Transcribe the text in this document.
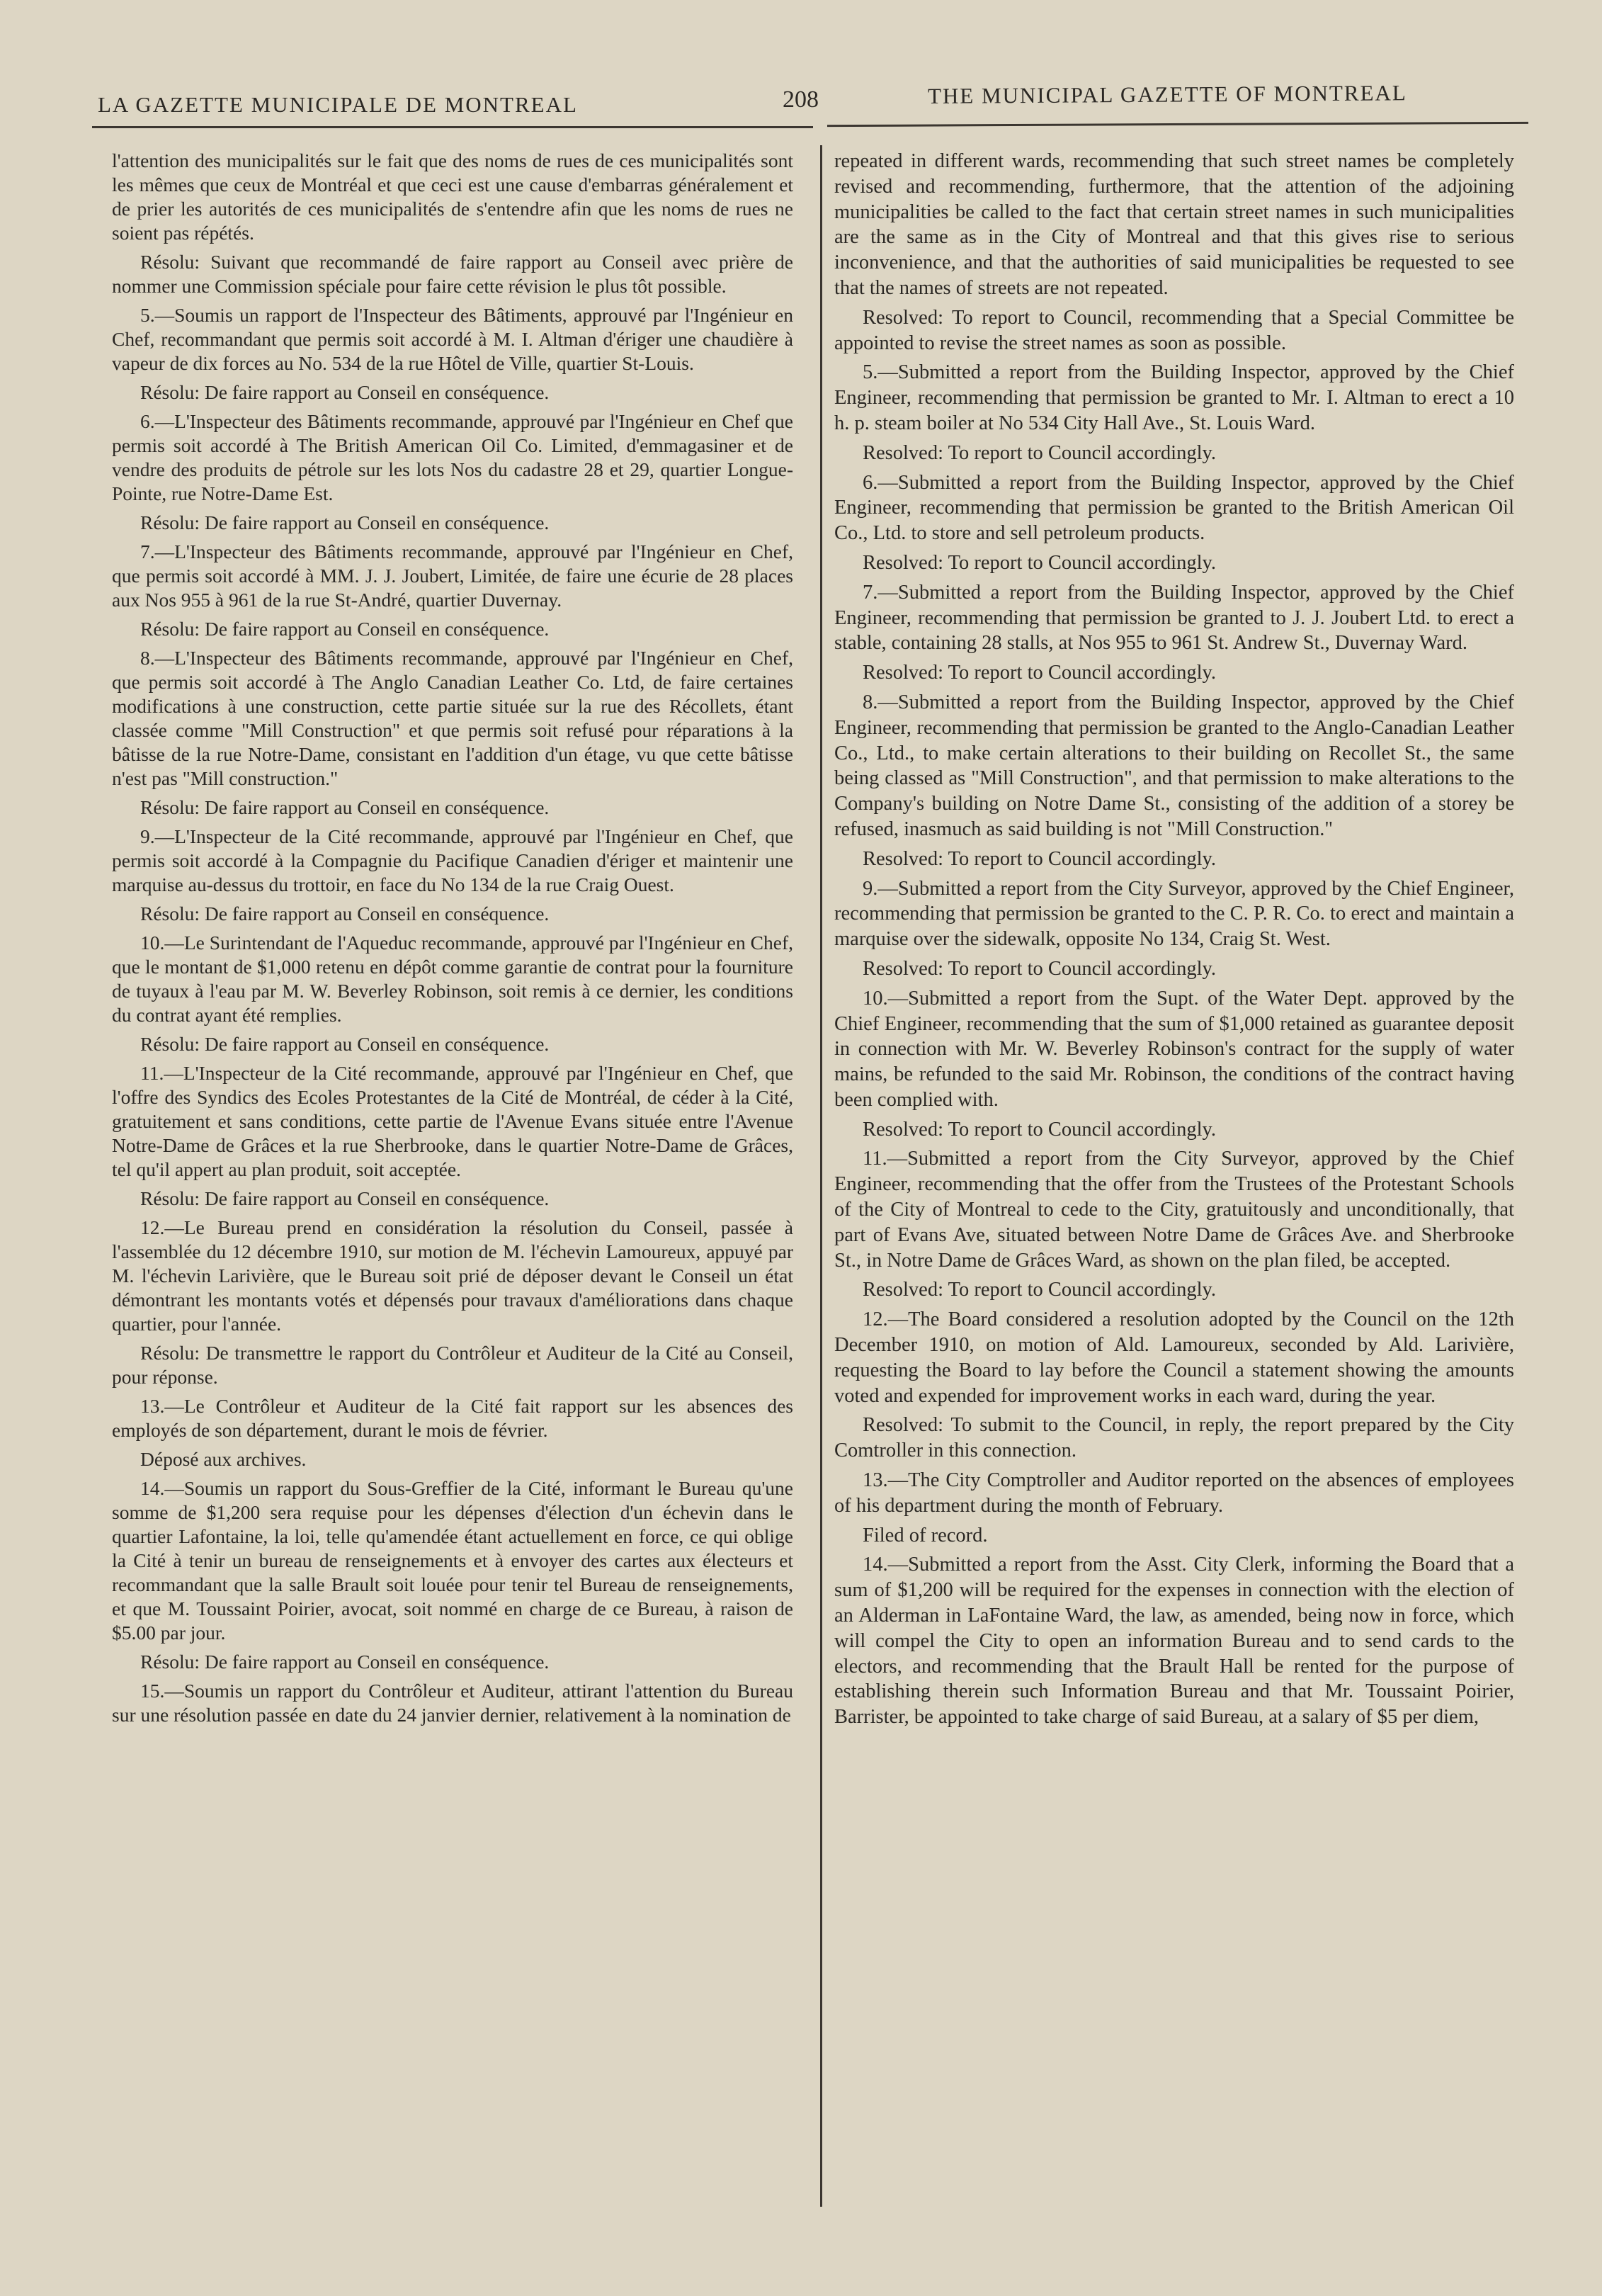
LA GAZETTE MUNICIPALE DE MONTREAL	208	THE MUNICIPAL GAZETTE OF MONTREAL

l'attention des municipalités sur le fait que des noms de rues de ces municipalités sont les mêmes que ceux de Montréal et que ceci est une cause d'embarras généralement et de prier les autorités de ces municipalités de s'entendre afin que les noms de rues ne soient pas répétés.

Résolu: Suivant que recommandé de faire rapport au Conseil avec prière de nommer une Commission spéciale pour faire cette révision le plus tôt possible.

5.—Soumis un rapport de l'Inspecteur des Bâtiments, approuvé par l'Ingénieur en Chef, recommandant que permis soit accordé à M. I. Altman d'ériger une chaudière à vapeur de dix forces au No. 534 de la rue Hôtel de Ville, quartier St-Louis.

Résolu: De faire rapport au Conseil en conséquence.

6.—L'Inspecteur des Bâtiments recommande, approuvé par l'Ingénieur en Chef que permis soit accordé à The British American Oil Co. Limited, d'emmagasiner et de vendre des produits de pétrole sur les lots Nos du cadastre 28 et 29, quartier Longue-Pointe, rue Notre-Dame Est.

Résolu: De faire rapport au Conseil en conséquence.

7.—L'Inspecteur des Bâtiments recommande, approuvé par l'Ingénieur en Chef, que permis soit accordé à MM. J. J. Joubert, Limitée, de faire une écurie de 28 places aux Nos 955 à 961 de la rue St-André, quartier Duvernay.

Résolu: De faire rapport au Conseil en conséquence.

8.—L'Inspecteur des Bâtiments recommande, approuvé par l'Ingénieur en Chef, que permis soit accordé à The Anglo Canadian Leather Co. Ltd, de faire certaines modifications à une construction, cette partie située sur la rue des Récollets, étant classée comme "Mill Construction" et que permis soit refusé pour réparations à la bâtisse de la rue Notre-Dame, consistant en l'addition d'un étage, vu que cette bâtisse n'est pas "Mill construction."

Résolu: De faire rapport au Conseil en conséquence.

9.—L'Inspecteur de la Cité recommande, approuvé par l'Ingénieur en Chef, que permis soit accordé à la Compagnie du Pacifique Canadien d'ériger et maintenir une marquise au-dessus du trottoir, en face du No 134 de la rue Craig Ouest.

Résolu: De faire rapport au Conseil en conséquence.

10.—Le Surintendant de l'Aqueduc recommande, approuvé par l'Ingénieur en Chef, que le montant de $1,000 retenu en dépôt comme garantie de contrat pour la fourniture de tuyaux à l'eau par M. W. Beverley Robinson, soit remis à ce dernier, les conditions du contrat ayant été remplies.

Résolu: De faire rapport au Conseil en conséquence.

11.—L'Inspecteur de la Cité recommande, approuvé par l'Ingénieur en Chef, que l'offre des Syndics des Ecoles Protestantes de la Cité de Montréal, de céder à la Cité, gratuitement et sans conditions, cette partie de l'Avenue Evans située entre l'Avenue Notre-Dame de Grâces et la rue Sherbrooke, dans le quartier Notre-Dame de Grâces, tel qu'il appert au plan produit, soit acceptée.

Résolu: De faire rapport au Conseil en conséquence.

12.—Le Bureau prend en considération la résolution du Conseil, passée à l'assemblée du 12 décembre 1910, sur motion de M. l'échevin Lamoureux, appuyé par M. l'échevin Larivière, que le Bureau soit prié de déposer devant le Conseil un état démontrant les montants votés et dépensés pour travaux d'améliorations dans chaque quartier, pour l'année.

Résolu: De transmettre le rapport du Contrôleur et Auditeur de la Cité au Conseil, pour réponse.

13.—Le Contrôleur et Auditeur de la Cité fait rapport sur les absences des employés de son département, durant le mois de février.

Déposé aux archives.

14.—Soumis un rapport du Sous-Greffier de la Cité, informant le Bureau qu'une somme de $1,200 sera requise pour les dépenses d'élection d'un échevin dans le quartier Lafontaine, la loi, telle qu'amendée étant actuellement en force, ce qui oblige la Cité à tenir un bureau de renseignements et à envoyer des cartes aux électeurs et recommandant que la salle Brault soit louée pour tenir tel Bureau de renseignements, et que M. Toussaint Poirier, avocat, soit nommé en charge de ce Bureau, à raison de $5.00 par jour.

Résolu: De faire rapport au Conseil en conséquence.

15.—Soumis un rapport du Contrôleur et Auditeur, attirant l'attention du Bureau sur une résolution passée en date du 24 janvier dernier, relativement à la nomination de

repeated in different wards, recommending that such street names be completely revised and recommending, furthermore, that the attention of the adjoining municipalities be called to the fact that certain street names in such municipalities are the same as in the City of Montreal and that this gives rise to serious inconvenience, and that the authorities of said municipalities be requested to see that the names of streets are not repeated.

Resolved: To report to Council, recommending that a Special Committee be appointed to revise the street names as soon as possible.

5.—Submitted a report from the Building Inspector, approved by the Chief Engineer, recommending that permission be granted to Mr. I. Altman to erect a 10 h. p. steam boiler at No 534 City Hall Ave., St. Louis Ward.

Resolved: To report to Council accordingly.

6.—Submitted a report from the Building Inspector, approved by the Chief Engineer, recommending that permission be granted to the British American Oil Co., Ltd. to store and sell petroleum products.

Resolved: To report to Council accordingly.

7.—Submitted a report from the Building Inspector, approved by the Chief Engineer, recommending that permission be granted to J. J. Joubert Ltd. to erect a stable, containing 28 stalls, at Nos 955 to 961 St. Andrew St., Duvernay Ward.

Resolved: To report to Council accordingly.

8.—Submitted a report from the Building Inspector, approved by the Chief Engineer, recommending that permission be granted to the Anglo-Canadian Leather Co., Ltd., to make certain alterations to their building on Recollet St., the same being classed as "Mill Construction", and that permission to make alterations to the Company's building on Notre Dame St., consisting of the addition of a storey be refused, inasmuch as said building is not "Mill Construction."

Resolved: To report to Council accordingly.

9.—Submitted a report from the City Surveyor, approved by the Chief Engineer, recommending that permission be granted to the C. P. R. Co. to erect and maintain a marquise over the sidewalk, opposite No 134, Craig St. West.

Resolved: To report to Council accordingly.

10.—Submitted a report from the Supt. of the Water Dept. approved by the Chief Engineer, recommending that the sum of $1,000 retained as guarantee deposit in connection with Mr. W. Beverley Robinson's contract for the supply of water mains, be refunded to the said Mr. Robinson, the conditions of the contract having been complied with.

Resolved: To report to Council accordingly.

11.—Submitted a report from the City Surveyor, approved by the Chief Engineer, recommending that the offer from the Trustees of the Protestant Schools of the City of Montreal to cede to the City, gratuitously and unconditionally, that part of Evans Ave, situated between Notre Dame de Grâces Ave. and Sherbrooke St., in Notre Dame de Grâces Ward, as shown on the plan filed, be accepted.

Resolved: To report to Council accordingly.

12.—The Board considered a resolution adopted by the Council on the 12th December 1910, on motion of Ald. Lamoureux, seconded by Ald. Larivière, requesting the Board to lay before the Council a statement showing the amounts voted and expended for improvement works in each ward, during the year.

Resolved: To submit to the Council, in reply, the report prepared by the City Comtroller in this connection.

13.—The City Comptroller and Auditor reported on the absences of employees of his department during the month of February.

Filed of record.

14.—Submitted a report from the Asst. City Clerk, informing the Board that a sum of $1,200 will be required for the expenses in connection with the election of an Alderman in LaFontaine Ward, the law, as amended, being now in force, which will compel the City to open an information Bureau and to send cards to the electors, and recommending that the Brault Hall be rented for the purpose of establishing therein such Information Bureau and that Mr. Toussaint Poirier, Barrister, be appointed to take charge of said Bureau, at a salary of $5 per diem,
